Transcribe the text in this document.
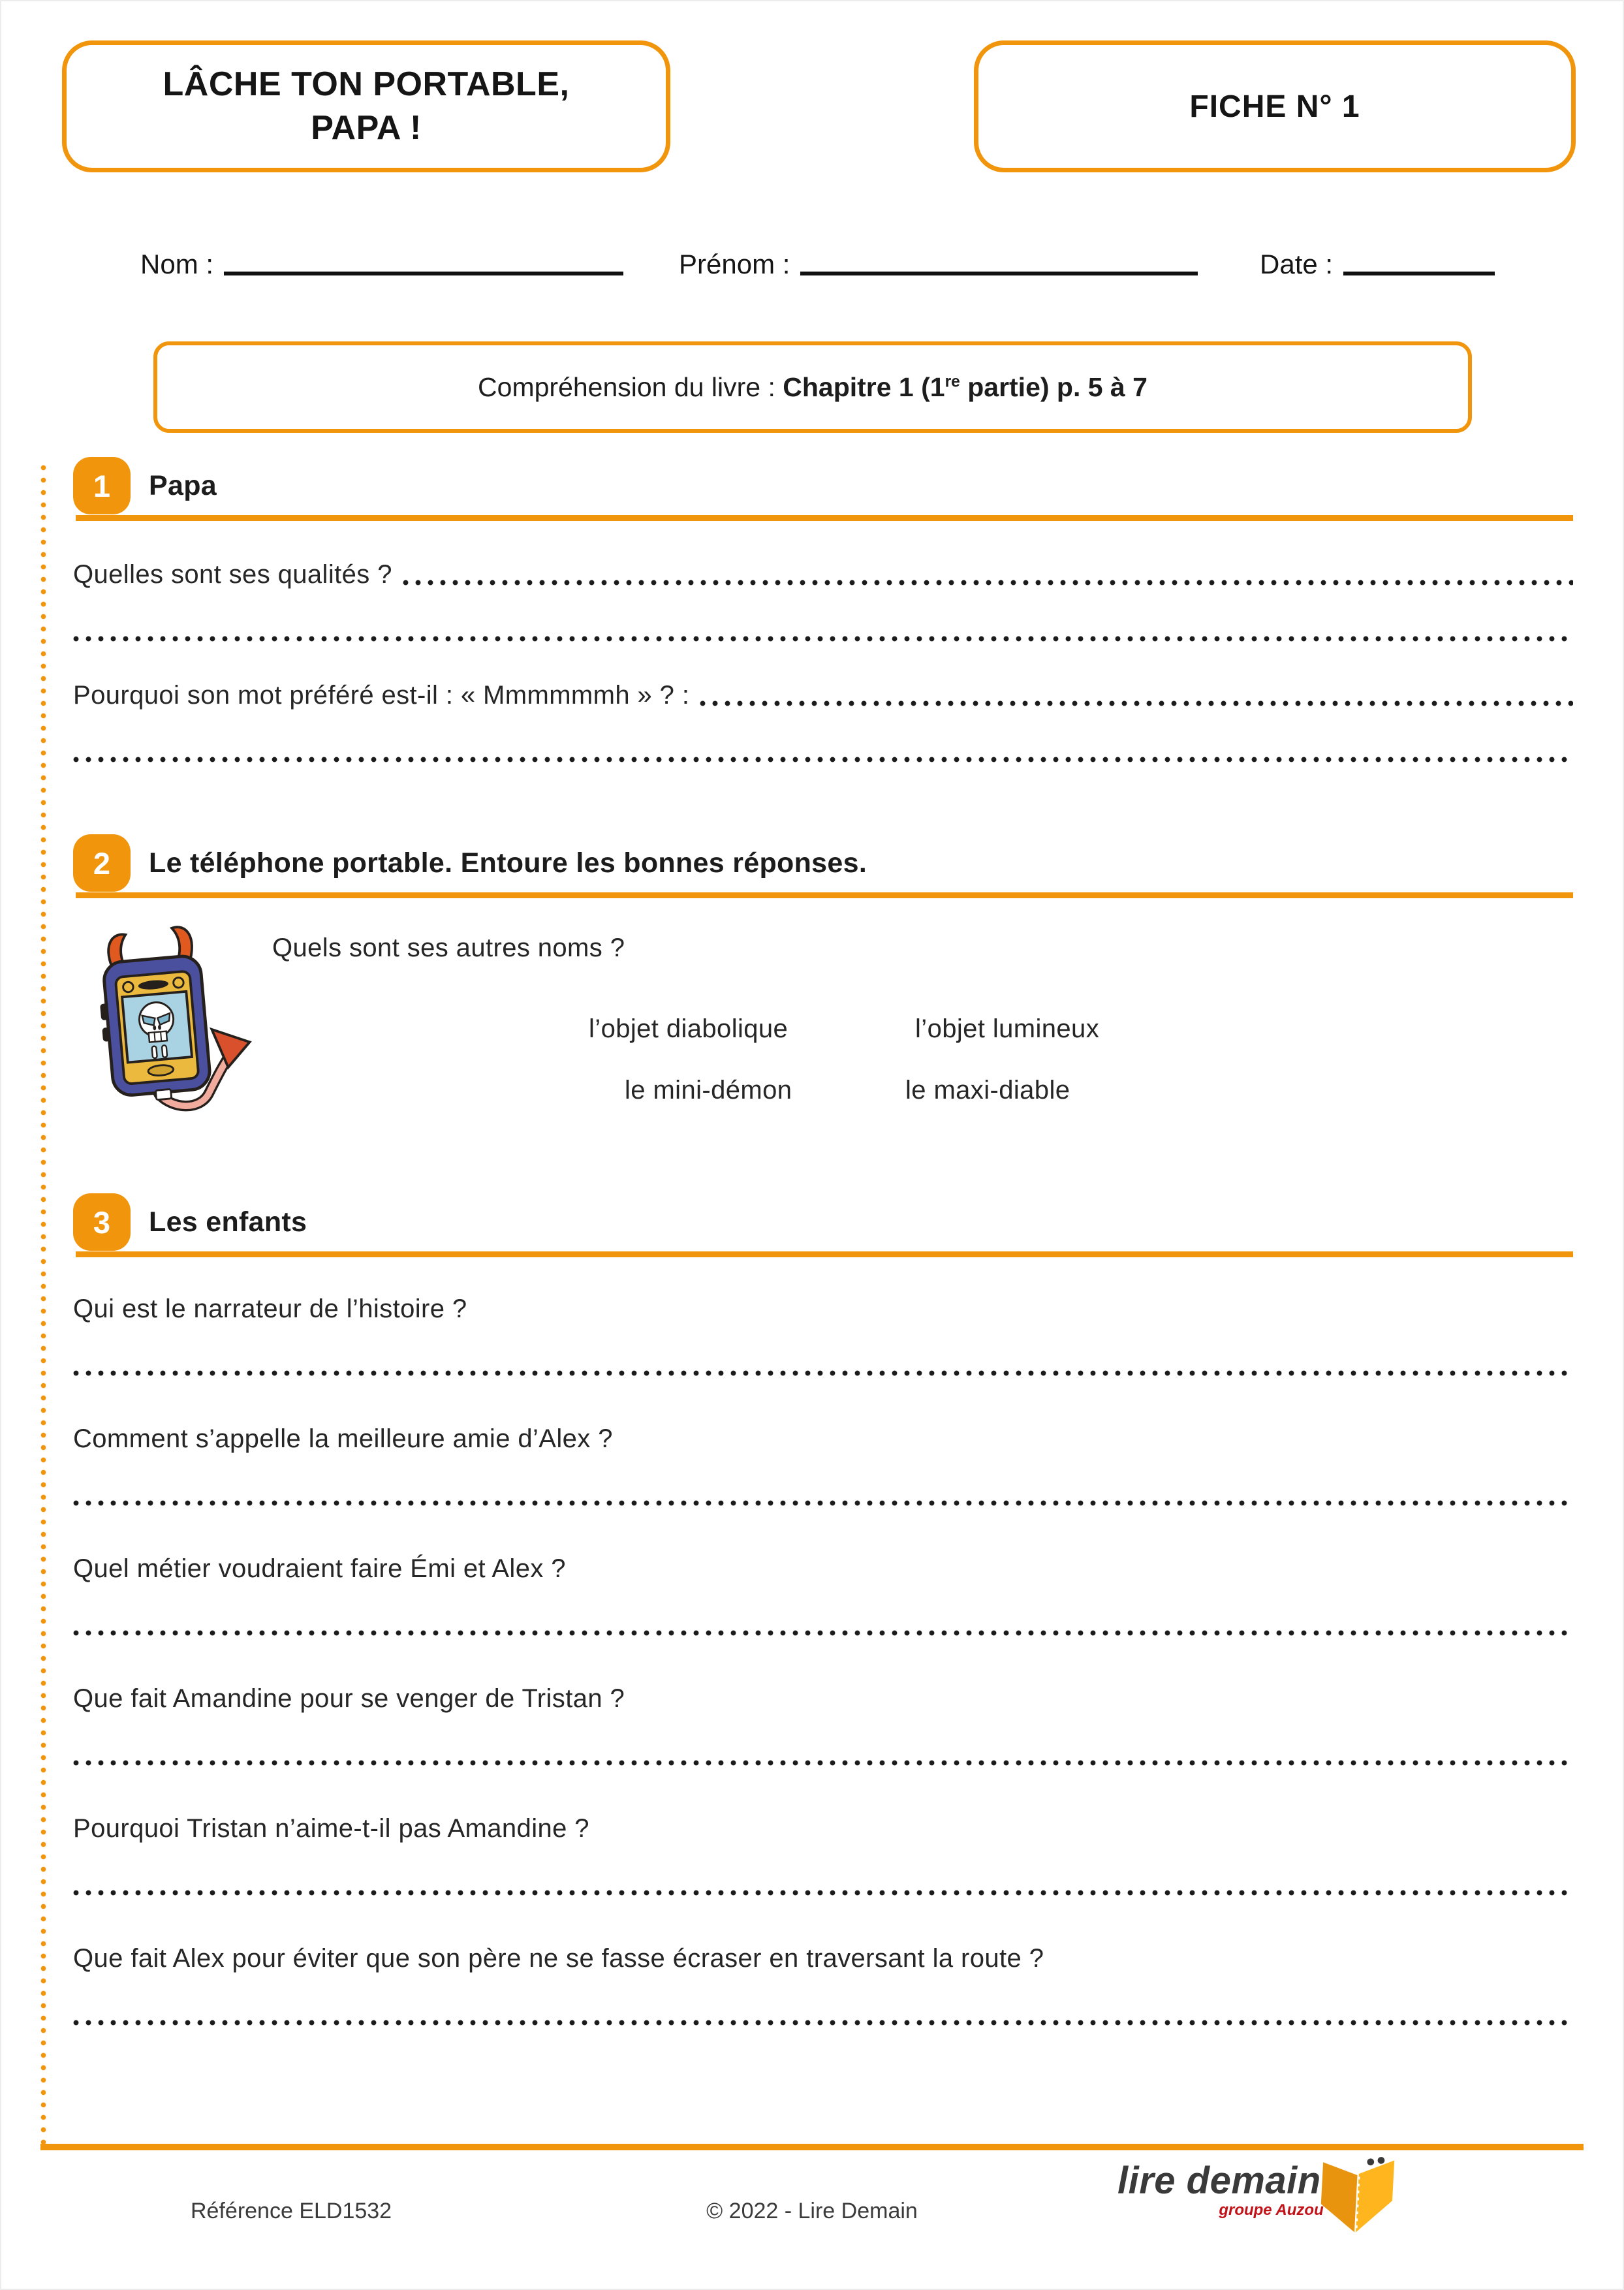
LÂCHE TON PORTABLE, PAPA !
FICHE N° 1
Nom :	Prénom :	Date :
Compréhension du livre : Chapitre 1 (1re partie) p. 5 à 7
1	Papa
Quelles sont ses qualités ?
Pourquoi son mot préféré est-il : « Mmmmmmh » ? :
2	Le téléphone portable. Entoure les bonnes réponses.
Quels sont ses autres noms ?
l’objet diabolique	l’objet lumineux
le mini-démon	le maxi-diable
3	Les enfants
Qui est le narrateur de l’histoire ?
Comment s’appelle la meilleure amie d’Alex ?
Quel métier voudraient faire Émi et Alex ?
Que fait Amandine pour se venger de Tristan ?
Pourquoi Tristan n’aime-t-il pas Amandine ?
Que fait Alex pour éviter que son père ne se fasse écraser en traversant la route ?
Référence ELD1532	© 2022 - Lire Demain
lire demain
groupe Auzou
